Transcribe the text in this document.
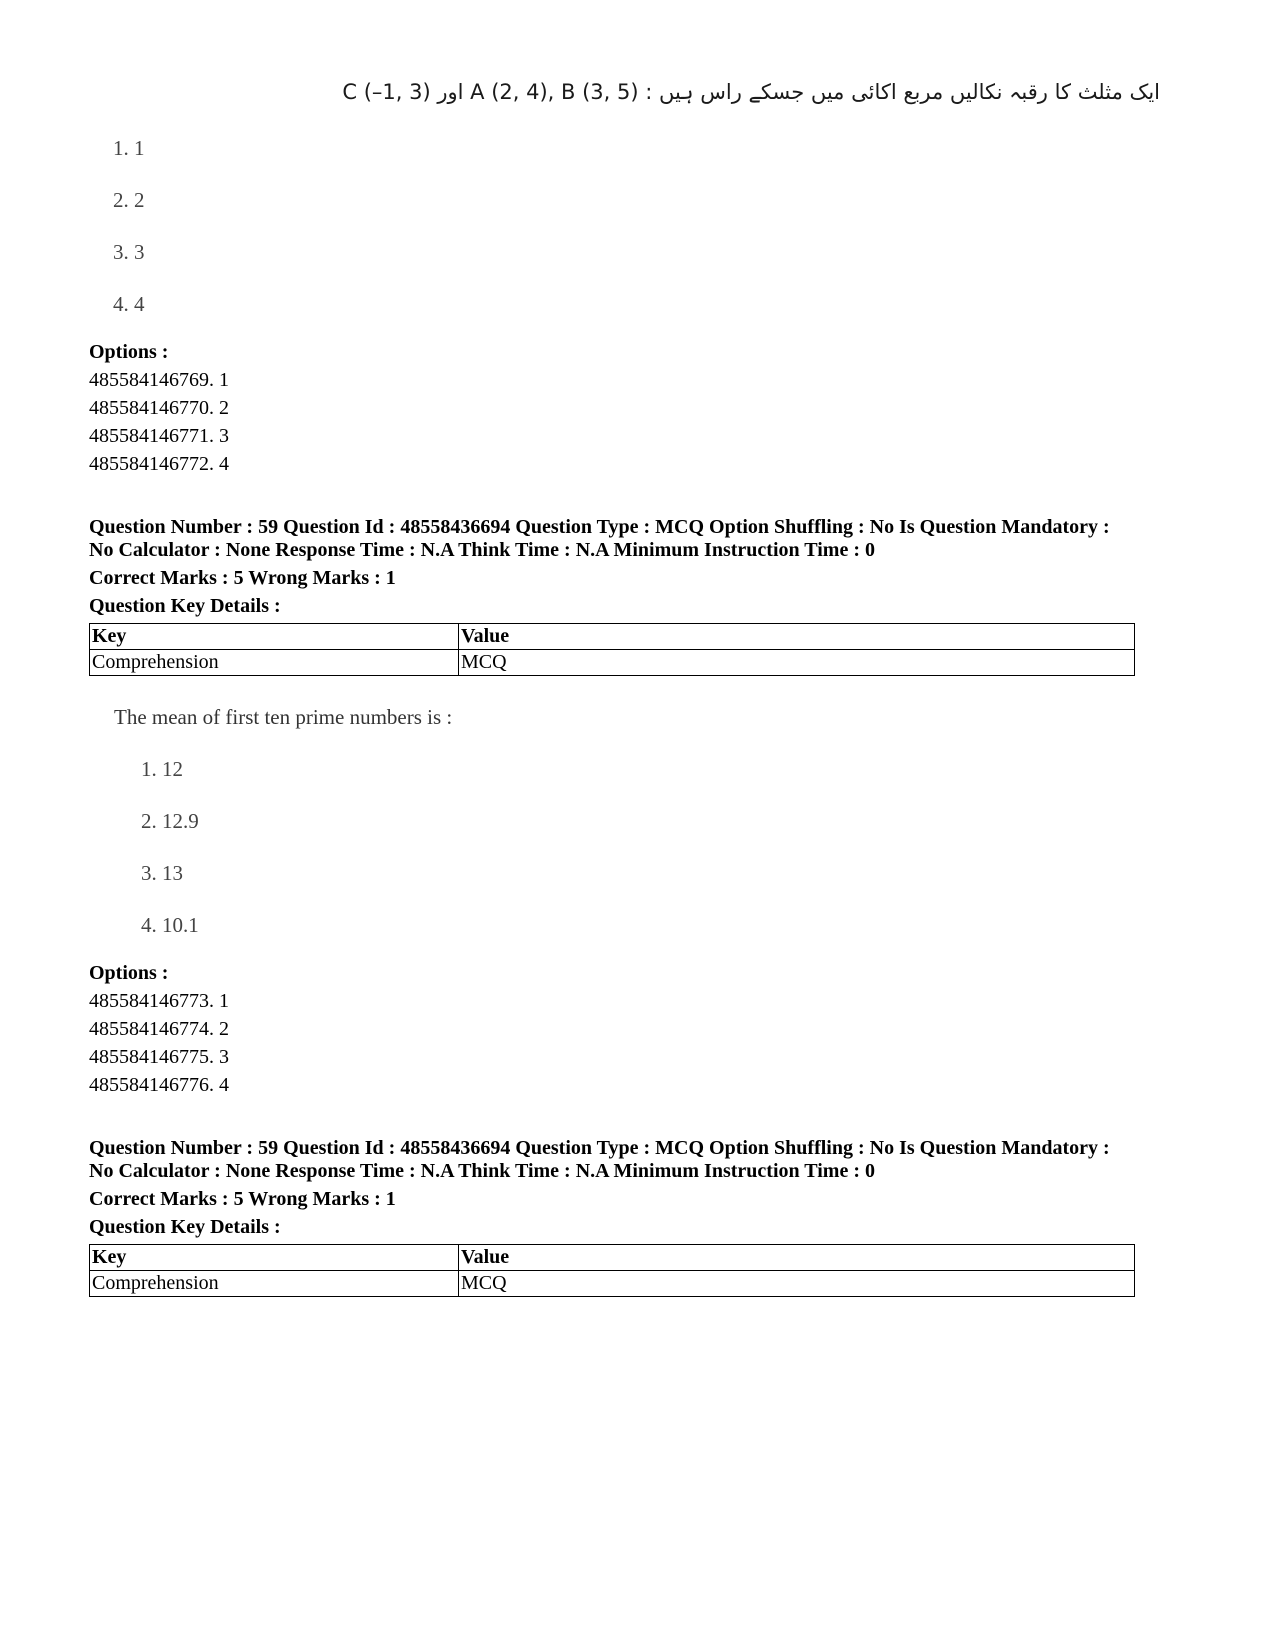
ایک مثلث کا رقبہ نکالیں مربع اکائی میں جسکے راس ہیں : A (2, 4), B (3, 5) اور C (–1, 3)
1. 1
2. 2
3. 3
4. 4
Options :
485584146769. 1
485584146770. 2
485584146771. 3
485584146772. 4
Question Number : 59 Question Id : 48558436694 Question Type : MCQ Option Shuffling : No Is Question Mandatory :
No Calculator : None Response Time : N.A Think Time : N.A Minimum Instruction Time : 0
Correct Marks : 5 Wrong Marks : 1
Question Key Details :
Key	Value
Comprehension	MCQ
The mean of first ten prime numbers is :
1. 12
2. 12.9
3. 13
4. 10.1
Options :
485584146773. 1
485584146774. 2
485584146775. 3
485584146776. 4
Question Number : 59 Question Id : 48558436694 Question Type : MCQ Option Shuffling : No Is Question Mandatory :
No Calculator : None Response Time : N.A Think Time : N.A Minimum Instruction Time : 0
Correct Marks : 5 Wrong Marks : 1
Question Key Details :
Key	Value
Comprehension	MCQ
